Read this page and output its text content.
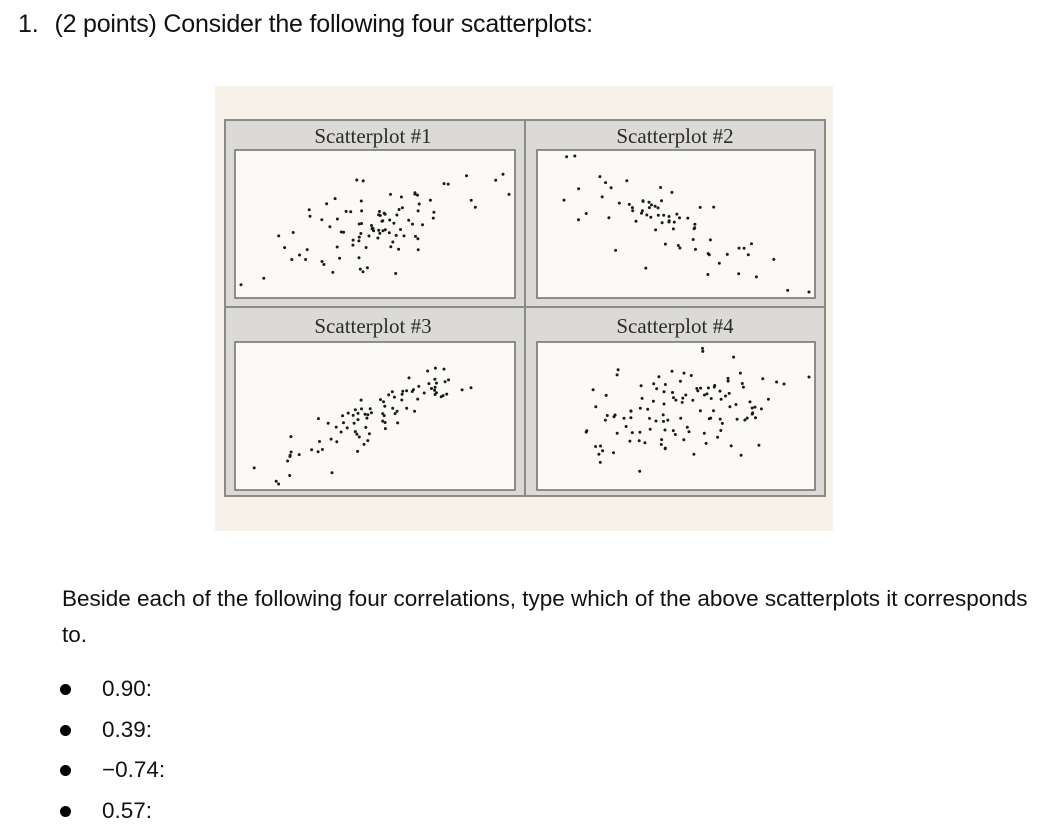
1. (2 points) Consider the following four scatterplots:
Scatterplot #1	Scatterplot #2
Scatterplot #3	Scatterplot #4
Beside each of the following four correlations, type which of the above scatterplots it corresponds to.
0.90:
0.39:
−0.74:
0.57:
